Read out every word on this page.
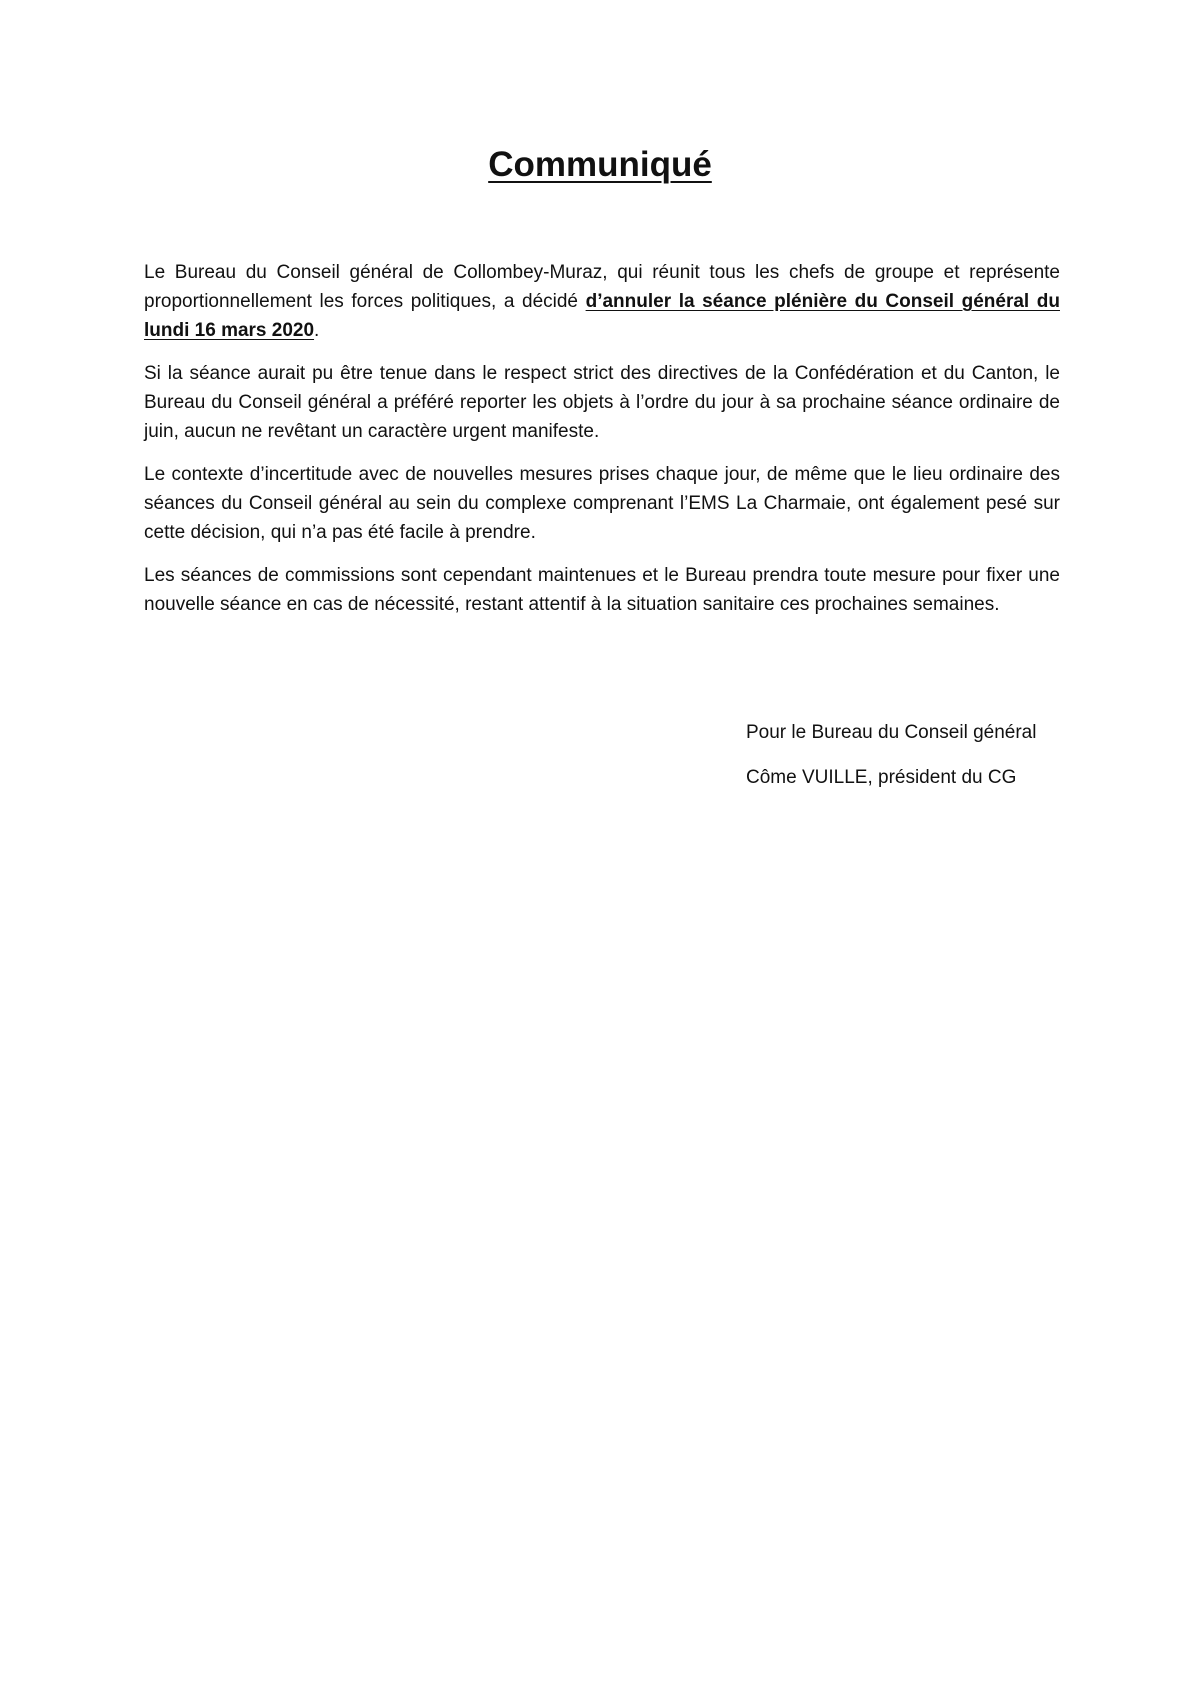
Communiqué

Le Bureau du Conseil général de Collombey-Muraz, qui réunit tous les chefs de groupe et représente proportionnellement les forces politiques, a décidé d’annuler la séance plénière du Conseil général du lundi 16 mars 2020.

Si la séance aurait pu être tenue dans le respect strict des directives de la Confédération et du Canton, le Bureau du Conseil général a préféré reporter les objets à l’ordre du jour à sa prochaine séance ordinaire de juin, aucun ne revêtant un caractère urgent manifeste.

Le contexte d’incertitude avec de nouvelles mesures prises chaque jour, de même que le lieu ordinaire des séances du Conseil général au sein du complexe comprenant l’EMS La Charmaie, ont également pesé sur cette décision, qui n’a pas été facile à prendre.

Les séances de commissions sont cependant maintenues et le Bureau prendra toute mesure pour fixer une nouvelle séance en cas de nécessité, restant attentif à la situation sanitaire ces prochaines semaines.

Pour le Bureau du Conseil général

Côme VUILLE, président du CG
